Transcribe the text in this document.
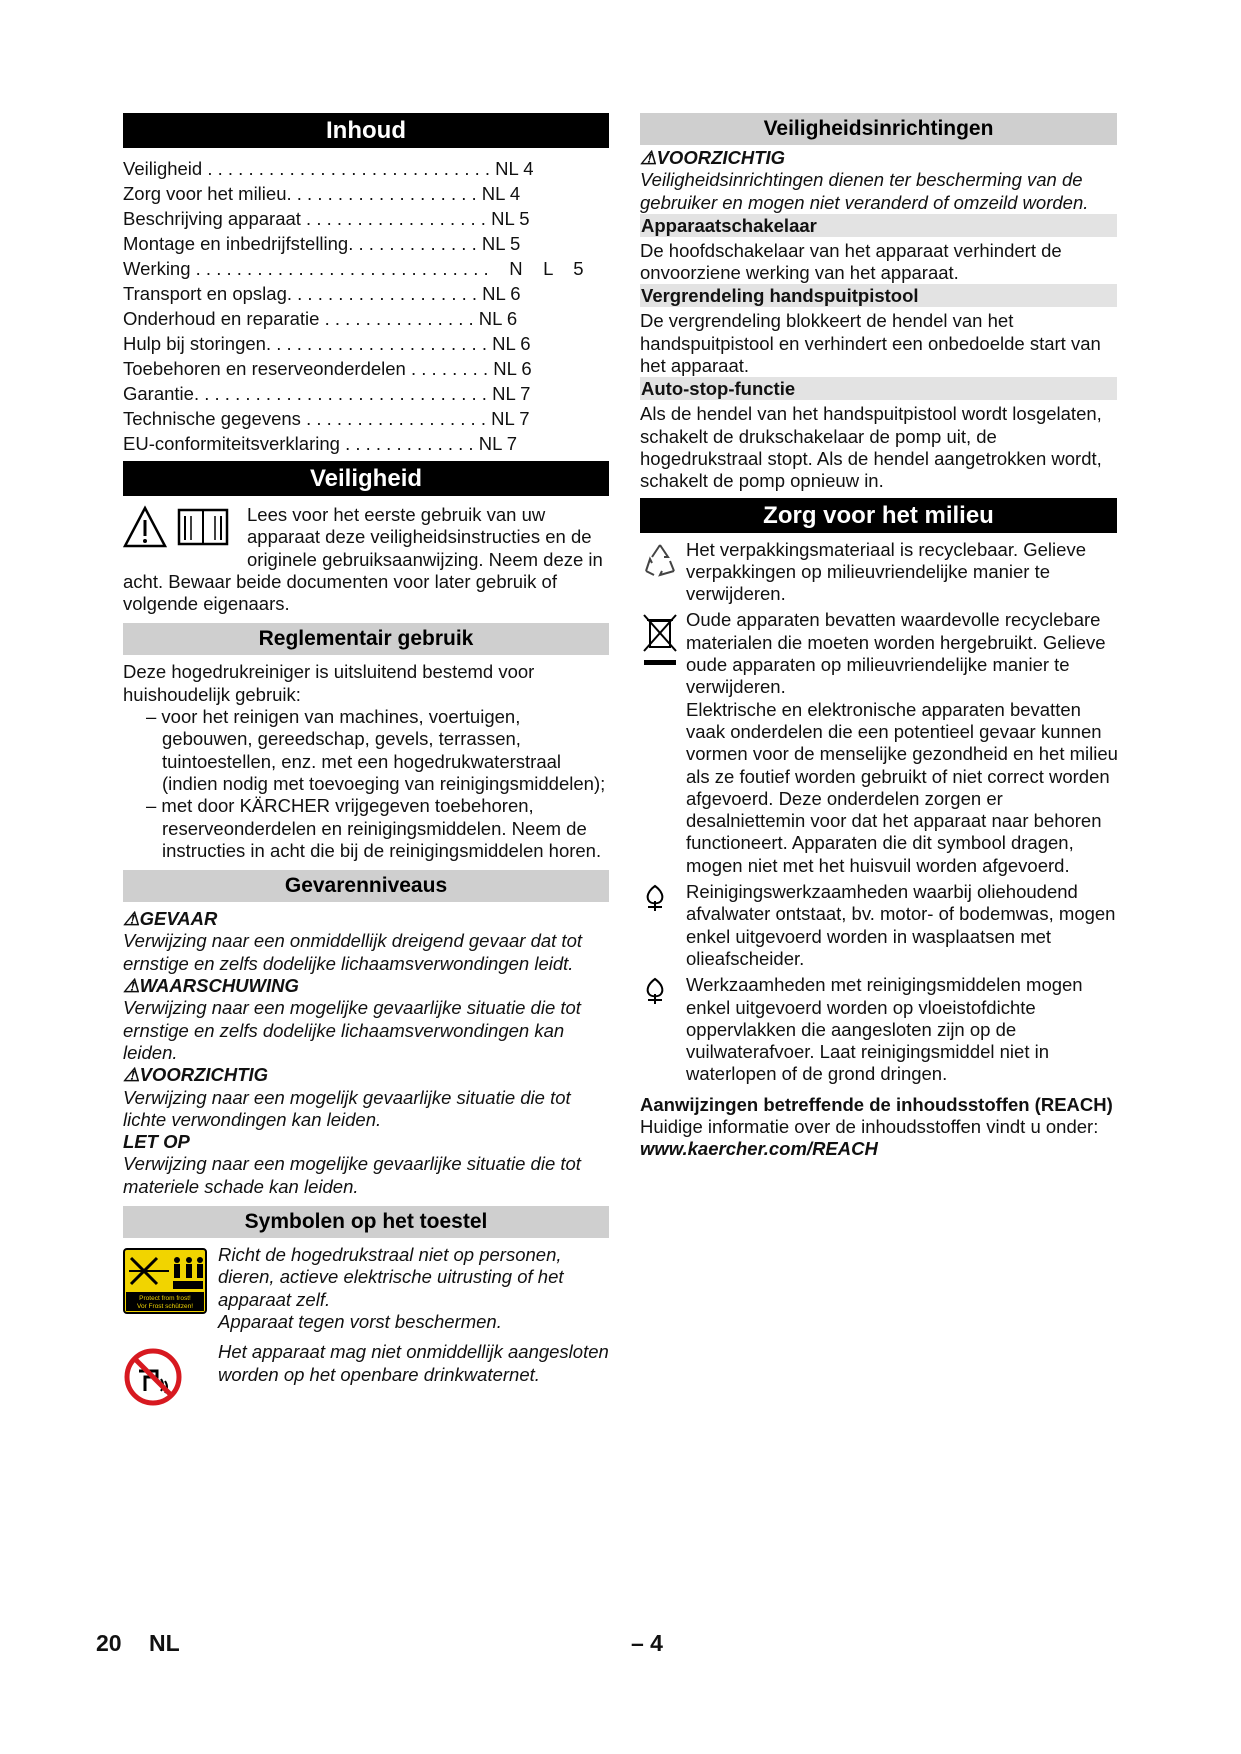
Inhoud
Veiligheid . . . . . . . . . . . . . . . . . . . . . . . . . . . . NL 4
Zorg voor het milieu. . . . . . . . . . . . . . . . . . . NL 4
Beschrijving apparaat . . . . . . . . . . . . . . . . . . NL 5
Montage en inbedrijfstelling. . . . . . . . . . . . . NL 5
Werking . . . . . . . . . . . . . . . . . . . . . . . . . . . . .    N    L    5
Transport en opslag. . . . . . . . . . . . . . . . . . . NL 6
Onderhoud en reparatie . . . . . . . . . . . . . . . NL 6
Hulp bij storingen. . . . . . . . . . . . . . . . . . . . . . NL 6
Toebehoren en reserveonderdelen . . . . . . . . NL 6
Garantie. . . . . . . . . . . . . . . . . . . . . . . . . . . . . NL 7
Technische gegevens . . . . . . . . . . . . . . . . . . NL 7
EU-conformiteitsverklaring . . . . . . . . . . . . . NL 7
Veiligheid

Lees voor het eerste gebruik van uw apparaat deze veiligheidsinstructies en de originele gebruiksaanwijzing. Neem deze in acht. Bewaar beide documenten voor later gebruik of volgende eigenaars.

Reglementair gebruik

Deze hogedrukreiniger is uitsluitend bestemd voor huishoudelijk gebruik:

– voor het reinigen van machines, voertuigen, gebouwen, gereedschap, gevels, terrassen, tuintoestellen, enz. met een hogedrukwaterstraal (indien nodig met toevoeging van reinigingsmiddelen);

– met door KÄRCHER vrijgegeven toebehoren, reserveonderdelen en reinigingsmiddelen. Neem de instructies in acht die bij de reinigingsmiddelen horen.

Gevarenniveaus

⚠GEVAAR

Verwijzing naar een onmiddellijk dreigend gevaar dat tot ernstige en zelfs dodelijke lichaamsverwondingen leidt.

⚠WAARSCHUWING

Verwijzing naar een mogelijke gevaarlijke situatie die tot ernstige en zelfs dodelijke lichaamsverwondingen kan leiden.

⚠VOORZICHTIG

Verwijzing naar een mogelijk gevaarlijke situatie die tot lichte verwondingen kan leiden.

LET OP

Verwijzing naar een mogelijke gevaarlijke situatie die tot materiele schade kan leiden.

Symbolen op het toestel
Protect from frost!
Vor Frost schützen!

Richt de hogedrukstraal niet op personen, dieren, actieve elektrische uitrusting of het apparaat zelf.

Apparaat tegen vorst beschermen.

Het apparaat mag niet onmiddellijk aangesloten worden op het openbare drinkwaternet.

Veiligheidsinrichtingen

⚠VOORZICHTIG

Veiligheidsinrichtingen dienen ter bescherming van de gebruiker en mogen niet veranderd of omzeild worden.

Apparaatschakelaar

De hoofdschakelaar van het apparaat verhindert de onvoorziene werking van het apparaat.

Vergrendeling handspuitpistool

De vergrendeling blokkeert de hendel van het handspuitpistool en verhindert een onbedoelde start van het apparaat.

Auto-stop-functie

Als de hendel van het handspuitpistool wordt losgelaten, schakelt de drukschakelaar de pomp uit, de hogedrukstraal stopt. Als de hendel aangetrokken wordt, schakelt de pomp opnieuw in.

Zorg voor het milieu

Het verpakkingsmateriaal is recyclebaar. Gelieve verpakkingen op milieuvriendelijke manier te verwijderen.

Oude apparaten bevatten waardevolle recyclebare materialen die moeten worden hergebruikt. Gelieve oude apparaten op milieuvriendelijke manier te verwijderen.

Elektrische en elektronische apparaten bevatten vaak onderdelen die een potentieel gevaar kunnen vormen voor de menselijke gezondheid en het milieu als ze foutief worden gebruikt of niet correct worden afgevoerd. Deze onderdelen zorgen er desalniettemin voor dat het apparaat naar behoren functioneert. Apparaten die dit symbool dragen, mogen niet met het huisvuil worden afgevoerd.

Reinigingswerkzaamheden waarbij oliehoudend afvalwater ontstaat, bv. motor- of bodemwas, mogen enkel uitgevoerd worden in wasplaatsen met olieafscheider.

Werkzaamheden met reinigingsmiddelen mogen enkel uitgevoerd worden op vloeistofdichte oppervlakken die aangesloten zijn op de vuilwaterafvoer. Laat reinigingsmiddel niet in waterlopen of de grond dringen.

Aanwijzingen betreffende de inhoudsstoffen (REACH)

Huidige informatie over de inhoudsstoffen vindt u onder:

www.kaercher.com/REACH

20 NL	– 4
